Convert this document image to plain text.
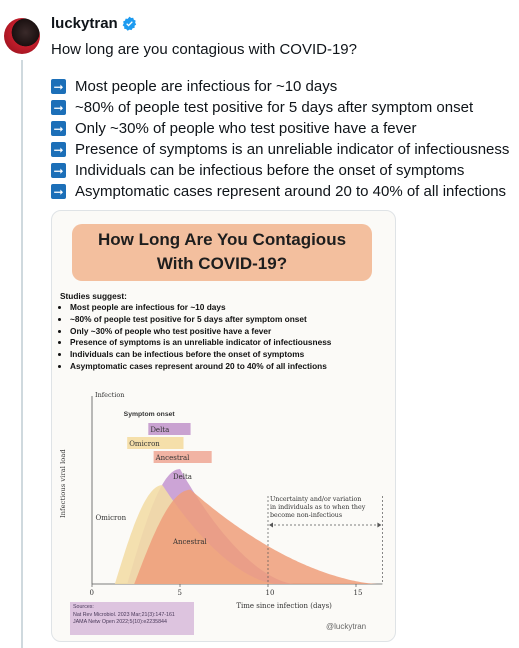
luckytran
How long are you contagious with COVID-19?
➞ Most people are infectious for ~10 days
➞ ~80% of people test positive for 5 days after symptom onset
➞ Only ~30% of people who test positive have a fever
➞ Presence of symptoms is an unreliable indicator of infectiousness
➞ Individuals can be infectious before the onset of symptoms
➞ Asymptomatic cases represent around 20 to 40% of all infections
How Long Are You Contagious
With COVID-19?
Studies suggest:
• Most people are infectious for ~10 days
• ~80% of people test positive for 5 days after symptom onset
• Only ~30% of people who test positive have a fever
• Presence of symptoms is an unreliable indicator of infectiousness
• Individuals can be infectious before the onset of symptoms
• Asymptomatic cases represent around 20 to 40% of all infections
Infection
Infectious viral load
Symptom onset
Delta
Omicron
Ancestral
Delta
Omicron
Ancestral
Uncertainty and/or variation
in individuals as to when they
become non-infectious
0	5	10	15
Time since infection (days)
Sources:
Nat Rev Microbiol. 2023 Mar;21(3):147-161
JAMA Netw Open 2022;5(10):e2235844	@luckytran
